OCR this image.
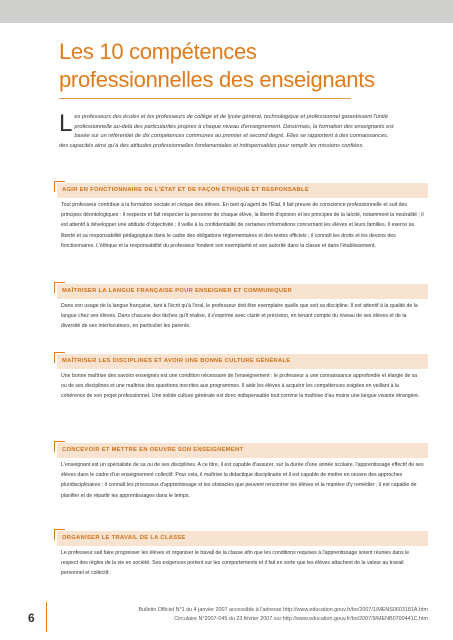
Les 10 compétences
professionnelles des enseignants
Les professeurs des écoles et les professeurs de collège et de lycée général, technologique et professionnel garantissent l'unité professionnelle au-delà des particularités propres à chaque niveau d'enseignement. Désormais, la formation des enseignants est basée sur un référentiel de dix compétences communes au premier et second degré. Elles se rapportent à des connaissances, des capacités ainsi qu'à des attitudes professionnelles fondamentales et indispensables pour remplir les missions confiées.
AGIR EN FONCTIONNAIRE DE L'ÉTAT ET DE FAÇON ÉTHIQUE ET RESPONSABLE
Tout professeur contribue à la formation sociale et civique des élèves. En tant qu'agent de l'État, il fait preuve de conscience professionnelle et suit des principes déontologiques : il respecte et fait respecter la personne de chaque élève, la liberté d'opinion et les principes de la laïcité, notamment la neutralité ; il est attentif à développer une attitude d'objectivité ; il veille à la confidentialité de certaines informations concernant les élèves et leurs familles. Il exerce sa liberté et sa responsabilité pédagogique dans le cadre des obligations réglementaires et des textes officiels ; il connaît les droits et les devoirs des fonctionnaires. L'éthique et la responsabilité du professeur fondent son exemplarité et son autorité dans la classe et dans l'établissement.
MAÎTRISER LA LANGUE FRANÇAISE POUR ENSEIGNER ET COMMUNIQUER
Dans son usage de la langue française, tant à l'écrit qu'à l'oral, le professeur doit être exemplaire quelle que soit sa discipline. Il est attentif à la qualité de la langue chez ses élèves. Dans chacune des tâches qu'il réalise, il s'exprime avec clarté et précision, en tenant compte du niveau de ses élèves et de la diversité de ses interlocuteurs, en particulier les parents.
MAÎTRISER LES DISCIPLINES ET AVOIR UNE BONNE CULTURE GÉNÉRALE
Une bonne maîtrise des savoirs enseignés est une condition nécessaire de l'enseignement : le professeur a une connaissance approfondie et élargie de sa ou de ses disciplines et une maîtrise des questions inscrites aux programmes. Il aide les élèves à acquérir les compétences exigées en veillant à la cohérence de son projet professionnel. Une solide culture générale est donc indispensable tout comme la maîtrise d'au moins une langue vivante étrangère.
CONCEVOIR ET METTRE EN OEUVRE SON ENSEIGNEMENT
L'enseignant est un spécialiste de sa ou de ses disciplines. A ce titre, il est capable d'assurer, sur la durée d'une année scolaire, l'apprentissage effectif de ses élèves dans le cadre d'un enseignement collectif. Pour cela, il maîtrise la didactique disciplinaire et il est capable de mettre en oeuvre des approches pluridisciplinaires ; il connaît les processus d'apprentissage et les obstacles que peuvent rencontrer les élèves et la manière d'y remédier ; il est capable de planifier et de répartir les apprentissages dans le temps.
ORGANISER LE TRAVAIL DE LA CLASSE
Le professeur sait faire progresser les élèves et organiser le travail de la classe afin que les conditions requises à l'apprentissage soient réunies dans le respect des règles de la vie en société. Ses exigences portent sur les comportements et il fait en sorte que les élèves attachent de la valeur au travail personnel et collectif.
6
Bulletin Officiel N°1 du 4 janvier 2007 accessible à l'adresse http://www.education.gouv.fr/bo/2007/1/MENS0603181A.htm
Circulaire N°2007-045 du 23 février 2007 sur http://www.education.gouv.fr/bo/2007/9/MENB0700441C.htm
